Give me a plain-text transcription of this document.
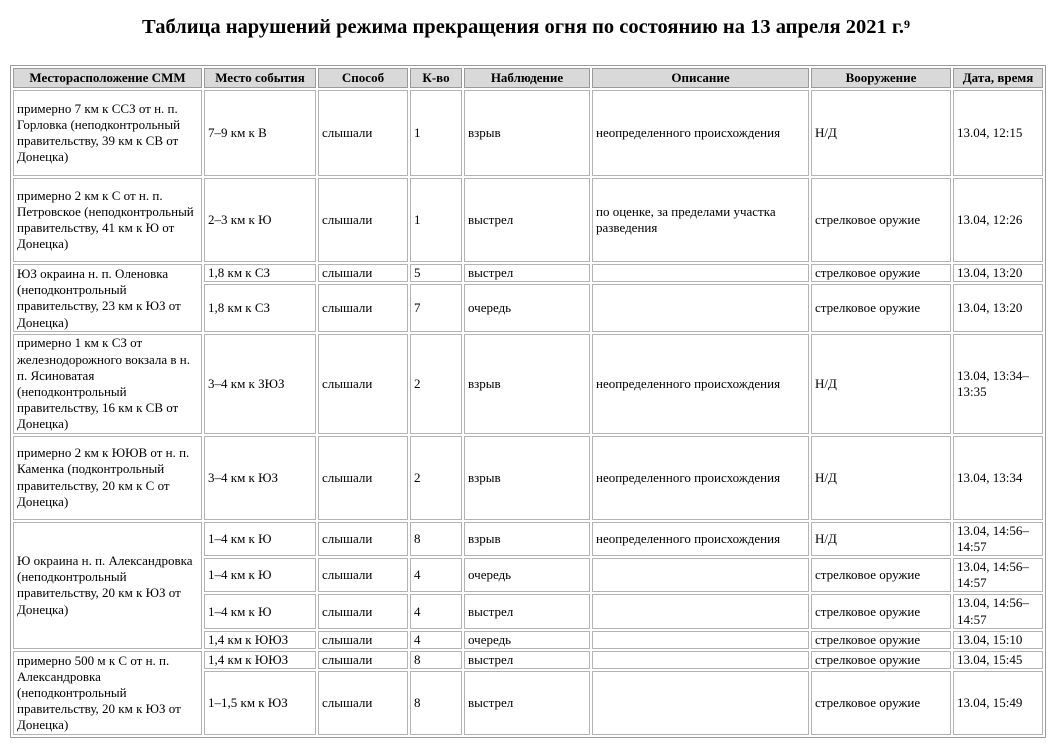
Таблица нарушений режима прекращения огня по состоянию на 13 апреля 2021 г.$^9$
Месторасположение СММ	Место события	Способ	К-во	Наблюдение	Описание	Вооружение	Дата, время
примерно 7 км к ССЗ от н. п. Горловка (неподконтрольный правительству, 39 км к СВ от Донецка)	7–9 км к В	слышали	1	взрыв	неопределенного происхождения	Н/Д	13.04, 12:15
примерно 2 км к С от н. п. Петровское (неподконтрольный правительству, 41 км к Ю от Донецка)	2–3 км к Ю	слышали	1	выстрел	по оценке, за пределами участка разведения	стрелковое оружие	13.04, 12:26
ЮЗ окраина н. п. Оленовка (неподконтрольный правительству, 23 км к ЮЗ от Донецка)	1,8 км к СЗ	слышали	5	выстрел		стрелковое оружие	13.04, 13:20
	1,8 км к СЗ	слышали	7	очередь		стрелковое оружие	13.04, 13:20
примерно 1 км к СЗ от железнодорожного вокзала в н. п. Ясиноватая (неподконтрольный правительству, 16 км к СВ от Донецка)	3–4 км к ЗЮЗ	слышали	2	взрыв	неопределенного происхождения	Н/Д	13.04, 13:34–13:35
примерно 2 км к ЮЮВ от н. п. Каменка (подконтрольный правительству, 20 км к С от Донецка)	3–4 км к ЮЗ	слышали	2	взрыв	неопределенного происхождения	Н/Д	13.04, 13:34
Ю окраина н. п. Александровка (неподконтрольный правительству, 20 км к ЮЗ от Донецка)	1–4 км к Ю	слышали	8	взрыв	неопределенного происхождения	Н/Д	13.04, 14:56–14:57
	1–4 км к Ю	слышали	4	очередь		стрелковое оружие	13.04, 14:56–14:57
	1–4 км к Ю	слышали	4	выстрел		стрелковое оружие	13.04, 14:56–14:57
	1,4 км к ЮЮЗ	слышали	4	очередь		стрелковое оружие	13.04, 15:10
примерно 500 м к С от н. п. Александровка (неподконтрольный правительству, 20 км к ЮЗ от Донецка)	1,4 км к ЮЮЗ	слышали	8	выстрел		стрелковое оружие	13.04, 15:45
	1–1,5 км к ЮЗ	слышали	8	выстрел		стрелковое оружие	13.04, 15:49
